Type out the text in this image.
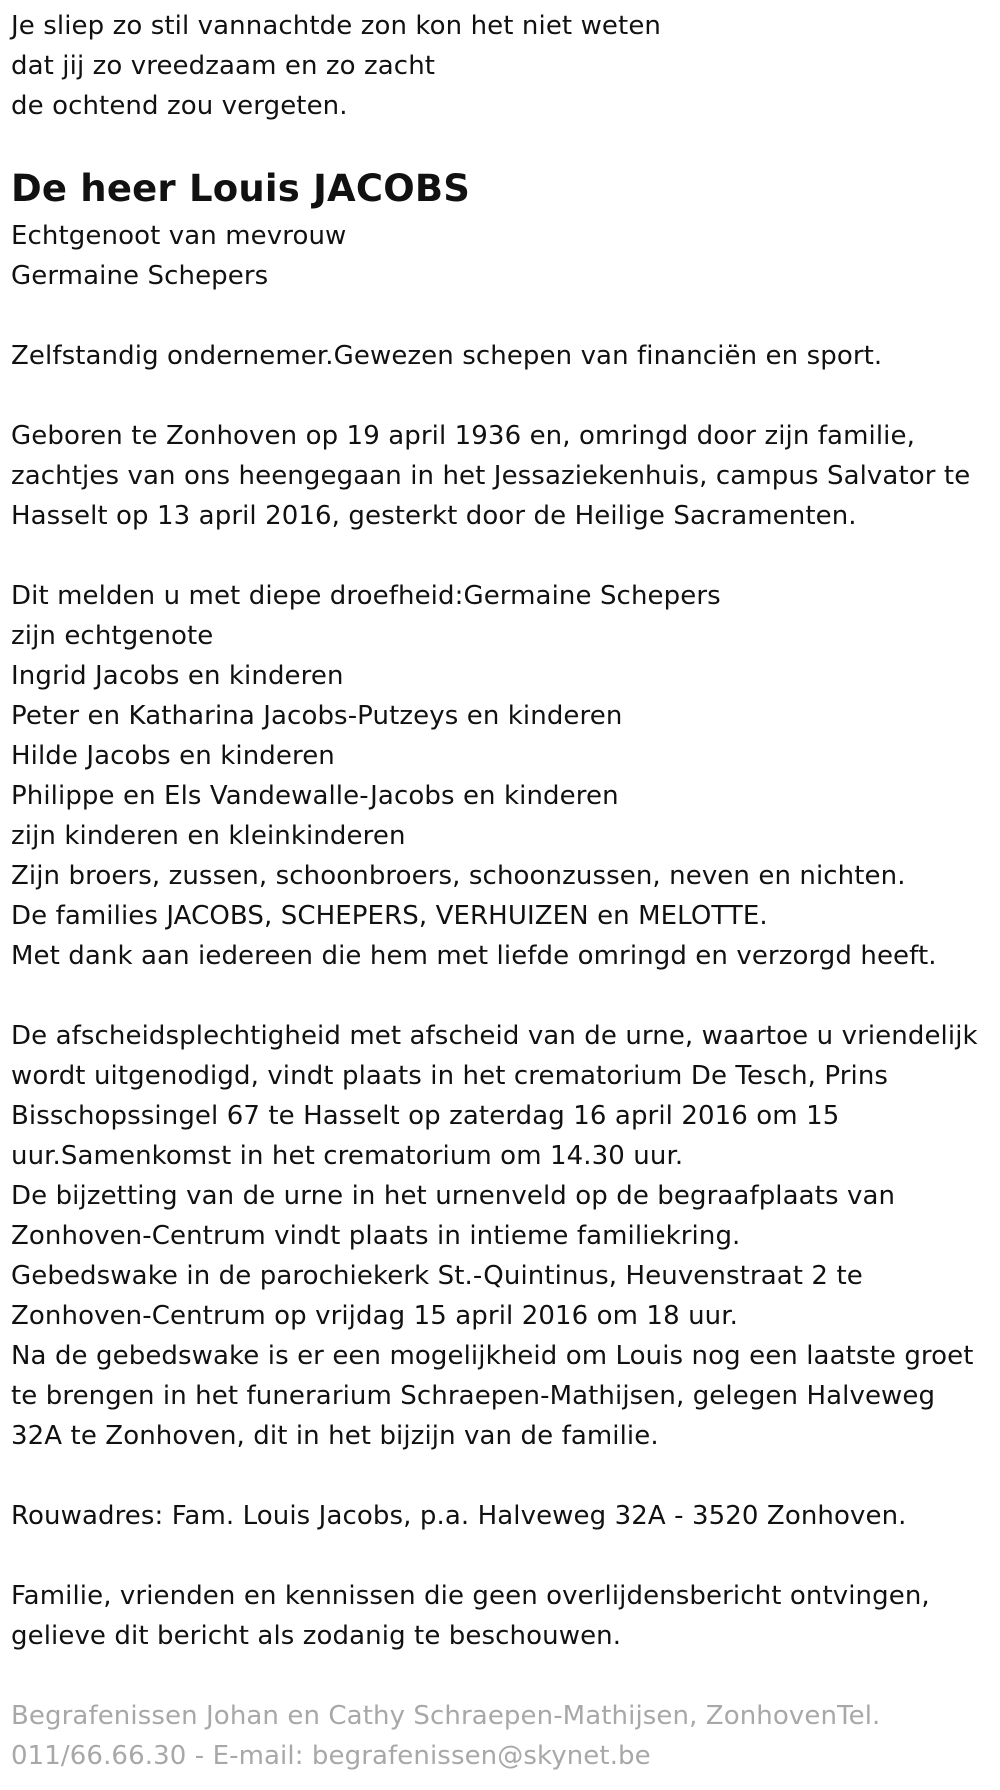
Je sliep zo stil vannachtde zon kon het niet weten
dat jij zo vreedzaam en zo zacht
de ochtend zou vergeten.
De heer Louis JACOBS
Echtgenoot van mevrouw
Germaine Schepers
Zelfstandig ondernemer.Gewezen schepen van financiën en sport.
Geboren te Zonhoven op 19 april 1936 en, omringd door zijn familie,
zachtjes van ons heengegaan in het Jessaziekenhuis, campus Salvator te
Hasselt op 13 april 2016, gesterkt door de Heilige Sacramenten.
Dit melden u met diepe droefheid:Germaine Schepers
zijn echtgenote
Ingrid Jacobs en kinderen
Peter en Katharina Jacobs-Putzeys en kinderen
Hilde Jacobs en kinderen
Philippe en Els Vandewalle-Jacobs en kinderen
zijn kinderen en kleinkinderen
Zijn broers, zussen, schoonbroers, schoonzussen, neven en nichten.
De families JACOBS, SCHEPERS, VERHUIZEN en MELOTTE.
Met dank aan iedereen die hem met liefde omringd en verzorgd heeft.
De afscheidsplechtigheid met afscheid van de urne, waartoe u vriendelijk
wordt uitgenodigd, vindt plaats in het crematorium De Tesch, Prins
Bisschopssingel 67 te Hasselt op zaterdag 16 april 2016 om 15
uur.Samenkomst in het crematorium om 14.30 uur.
De bijzetting van de urne in het urnenveld op de begraafplaats van
Zonhoven-Centrum vindt plaats in intieme familiekring.
Gebedswake in de parochiekerk St.-Quintinus, Heuvenstraat 2 te
Zonhoven-Centrum op vrijdag 15 april 2016 om 18 uur.
Na de gebedswake is er een mogelijkheid om Louis nog een laatste groet
te brengen in het funerarium Schraepen-Mathijsen, gelegen Halveweg
32A te Zonhoven, dit in het bijzijn van de familie.
Rouwadres: Fam. Louis Jacobs, p.a. Halveweg 32A - 3520 Zonhoven.
Familie, vrienden en kennissen die geen overlijdensbericht ontvingen,
gelieve dit bericht als zodanig te beschouwen.
Begrafenissen Johan en Cathy Schraepen-Mathijsen, ZonhovenTel.
011/66.66.30 - E-mail: begrafenissen@skynet.be
